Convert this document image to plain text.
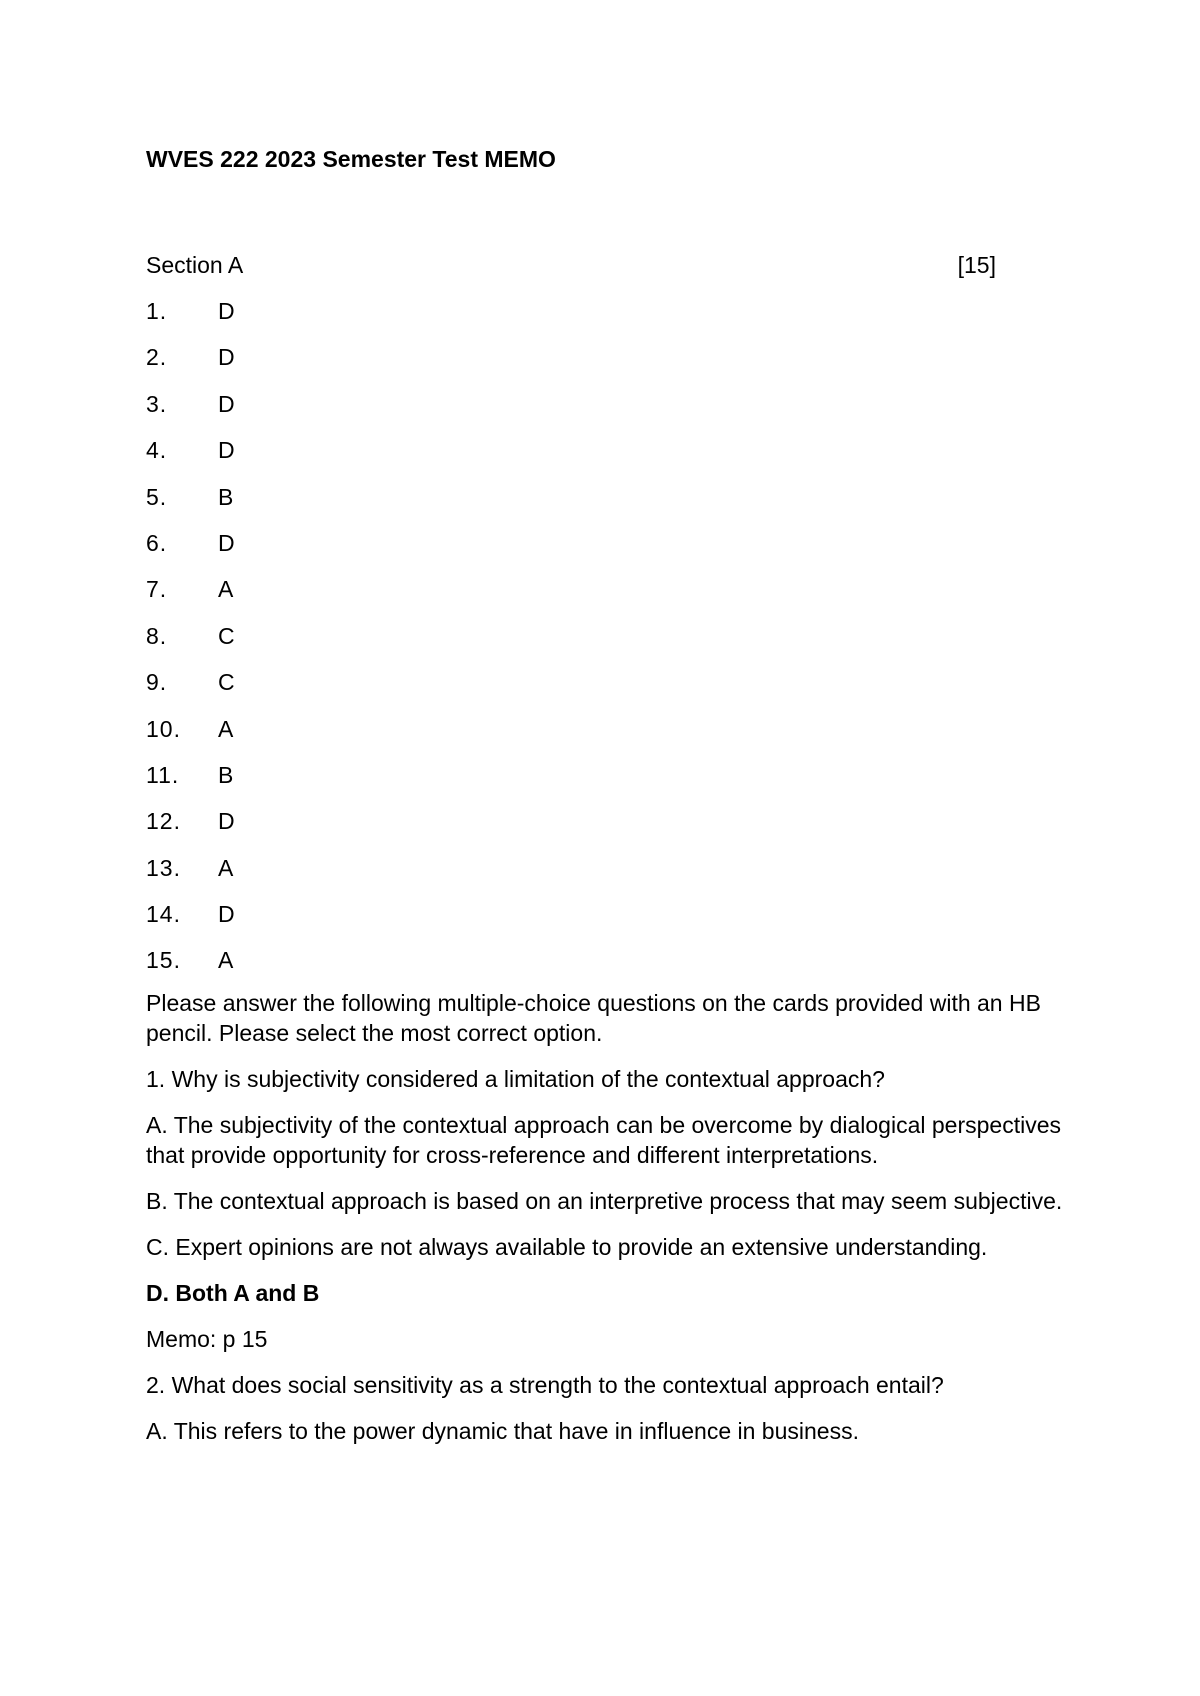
WVES 222 2023 Semester Test MEMO
Section A	[15]
1. D
2. D
3. D
4. D
5. B
6. D
7. A
8. C
9. C
10. A
11. B
12. D
13. A
14. D
15. A

Please answer the following multiple-choice questions on the cards provided with an HB pencil. Please select the most correct option.

1. Why is subjectivity considered a limitation of the contextual approach?

A. The subjectivity of the contextual approach can be overcome by dialogical perspectives that provide opportunity for cross-reference and different interpretations.

B. The contextual approach is based on an interpretive process that may seem subjective.

C. Expert opinions are not always available to provide an extensive understanding.

D. Both A and B

Memo: p 15

2. What does social sensitivity as a strength to the contextual approach entail?

A. This refers to the power dynamic that have in influence in business.
